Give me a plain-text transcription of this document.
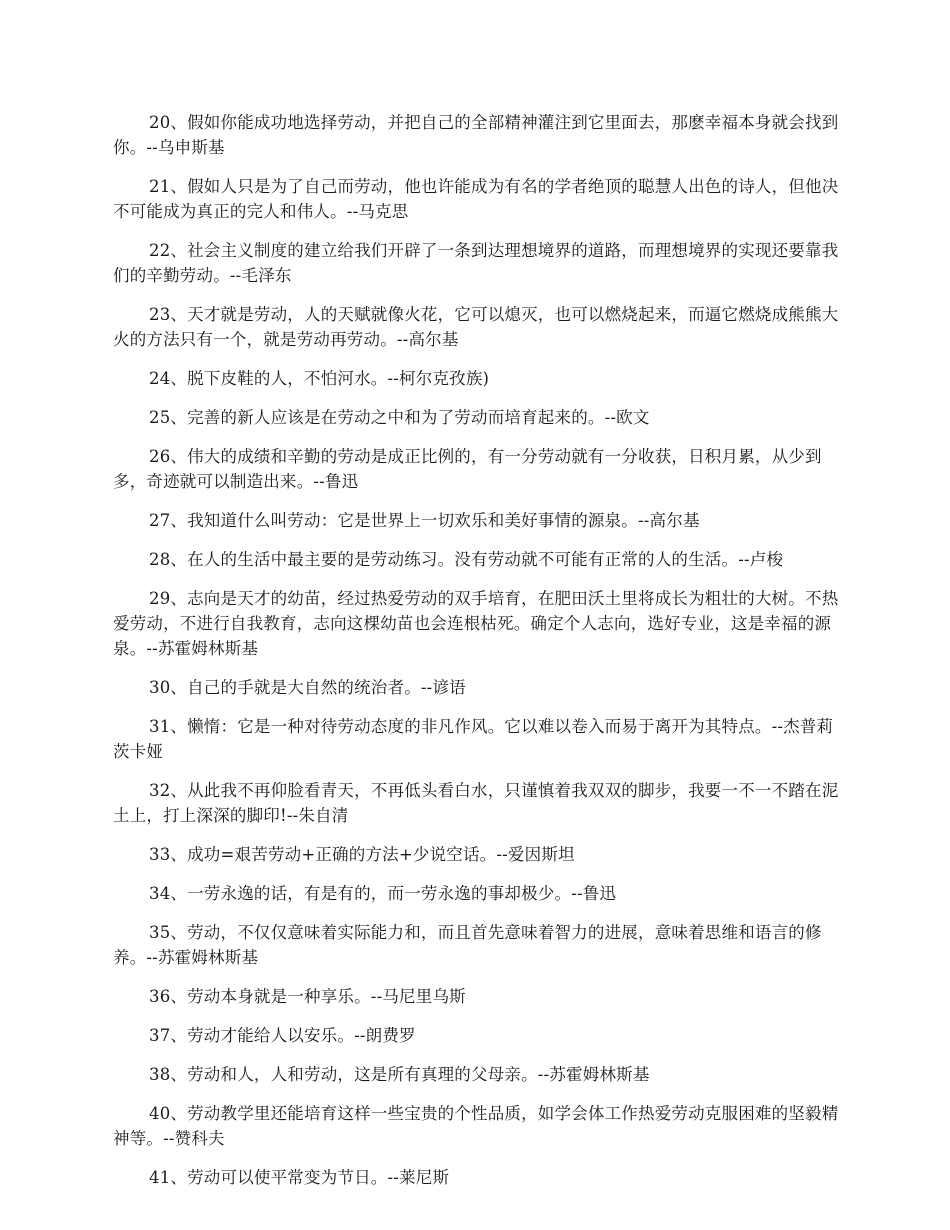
20、假如你能成功地选择劳动，并把自己的全部精神灌注到它里面去，那麽幸福本身就会找到你。--乌申斯基

21、假如人只是为了自己而劳动，他也许能成为有名的学者绝顶的聪慧人出色的诗人，但他决不可能成为真正的完人和伟人。--马克思

22、社会主义制度的建立给我们开辟了一条到达理想境界的道路，而理想境界的实现还要靠我们的辛勤劳动。--毛泽东

23、天才就是劳动，人的天赋就像火花，它可以熄灭，也可以燃烧起来，而逼它燃烧成熊熊大火的方法只有一个，就是劳动再劳动。--高尔基

24、脱下皮鞋的人，不怕河水。--柯尔克孜族)

25、完善的新人应该是在劳动之中和为了劳动而培育起来的。--欧文

26、伟大的成绩和辛勤的劳动是成正比例的，有一分劳动就有一分收获，日积月累，从少到多，奇迹就可以制造出来。--鲁迅

27、我知道什么叫劳动：它是世界上一切欢乐和美好事情的源泉。--高尔基

28、在人的生活中最主要的是劳动练习。没有劳动就不可能有正常的人的生活。--卢梭

29、志向是天才的幼苗，经过热爱劳动的双手培育，在肥田沃土里将成长为粗壮的大树。不热爱劳动，不进行自我教育，志向这棵幼苗也会连根枯死。确定个人志向，选好专业，这是幸福的源泉。--苏霍姆林斯基

30、自己的手就是大自然的统治者。--谚语

31、懒惰：它是一种对待劳动态度的非凡作风。它以难以卷入而易于离开为其特点。--杰普莉茨卡娅

32、从此我不再仰脸看青天，不再低头看白水，只谨慎着我双双的脚步，我要一不一不踏在泥土上，打上深深的脚印!--朱自清

33、成功=艰苦劳动+正确的方法+少说空话。--爱因斯坦

34、一劳永逸的话，有是有的，而一劳永逸的事却极少。--鲁迅

35、劳动，不仅仅意味着实际能力和，而且首先意味着智力的进展，意味着思维和语言的修养。--苏霍姆林斯基

36、劳动本身就是一种享乐。--马尼里乌斯

37、劳动才能给人以安乐。--朗费罗

38、劳动和人，人和劳动，这是所有真理的父母亲。--苏霍姆林斯基

40、劳动教学里还能培育这样一些宝贵的个性品质，如学会体工作热爱劳动克服困难的坚毅精神等。--赞科夫

41、劳动可以使平常变为节日。--莱尼斯
